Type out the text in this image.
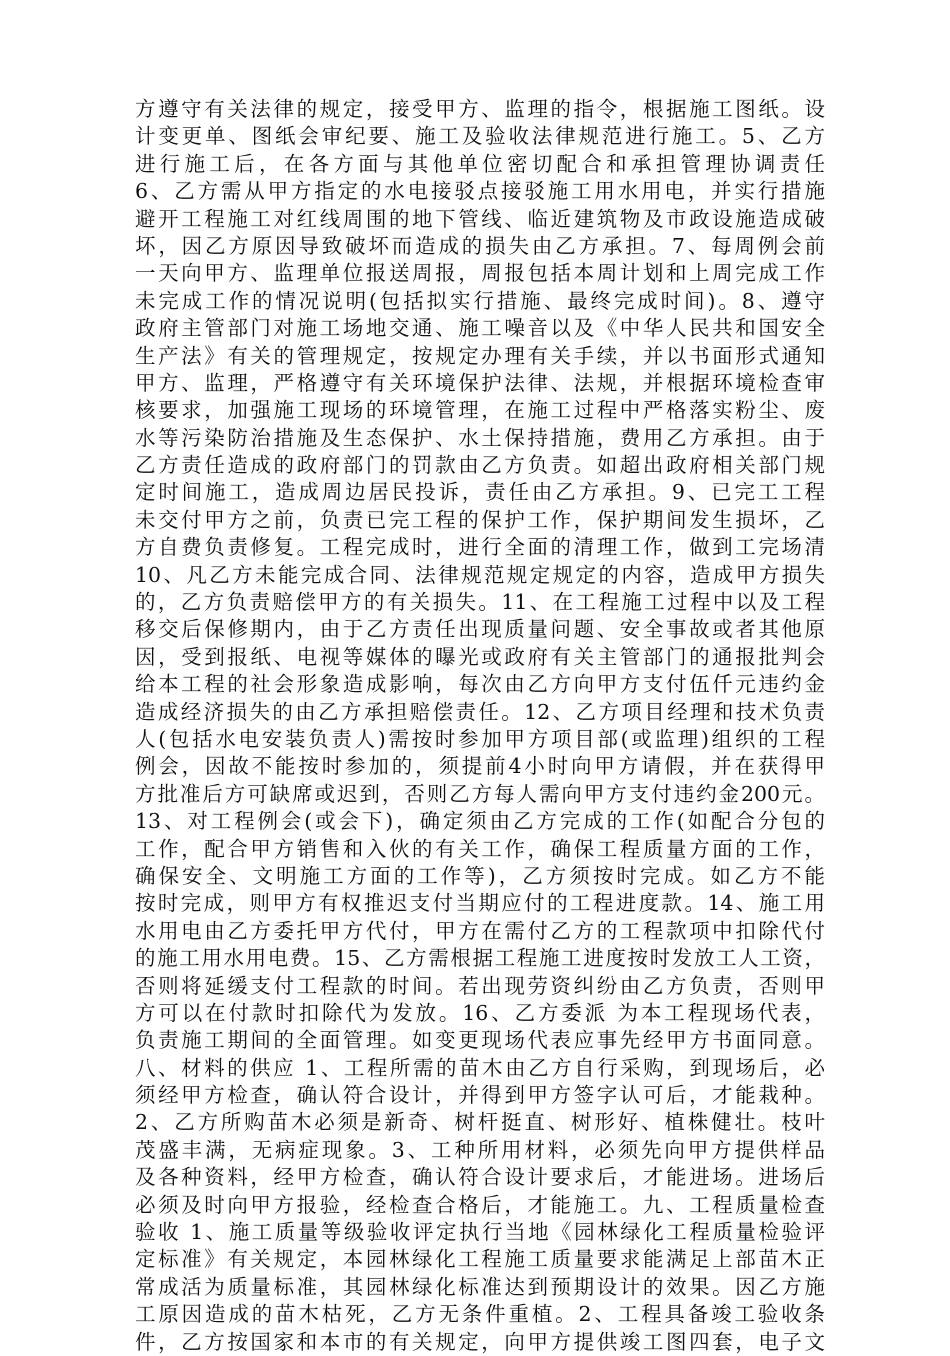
方遵守有关法律的规定，接受甲方、监理的指令，根据施工图纸。设
计变更单、图纸会审纪要、施工及验收法律规范进行施工。5、乙方
进行施工后，在各方面与其他单位密切配合和承担管理协调责任
6、乙方需从甲方指定的水电接驳点接驳施工用水用电，并实行措施
避开工程施工对红线周围的地下管线、临近建筑物及市政设施造成破
坏，因乙方原因导致破坏而造成的损失由乙方承担。7、每周例会前
一天向甲方、监理单位报送周报，周报包括本周计划和上周完成工作
未完成工作的情况说明(包括拟实行措施、最终完成时间)。8、遵守
政府主管部门对施工场地交通、施工噪音以及《中华人民共和国安全
生产法》有关的管理规定，按规定办理有关手续，并以书面形式通知
甲方、监理，严格遵守有关环境保护法律、法规，并根据环境检查审
核要求，加强施工现场的环境管理，在施工过程中严格落实粉尘、废
水等污染防治措施及生态保护、水土保持措施，费用乙方承担。由于
乙方责任造成的政府部门的罚款由乙方负责。如超出政府相关部门规
定时间施工，造成周边居民投诉，责任由乙方承担。9、已完工工程
未交付甲方之前，负责已完工程的保护工作，保护期间发生损坏，乙
方自费负责修复。工程完成时，进行全面的清理工作，做到工完场清
10、凡乙方未能完成合同、法律规范规定规定的内容，造成甲方损失
的，乙方负责赔偿甲方的有关损失。11、在工程施工过程中以及工程
移交后保修期内，由于乙方责任出现质量问题、安全事故或者其他原
因，受到报纸、电视等媒体的曝光或政府有关主管部门的通报批判会
给本工程的社会形象造成影响，每次由乙方向甲方支付伍仟元违约金
造成经济损失的由乙方承担赔偿责任。12、乙方项目经理和技术负责
人(包括水电安装负责人)需按时参加甲方项目部(或监理)组织的工程
例会，因故不能按时参加的，须提前4小时向甲方请假，并在获得甲
方批准后方可缺席或迟到，否则乙方每人需向甲方支付违约金200元。
13、对工程例会(或会下)，确定须由乙方完成的工作(如配合分包的
工作，配合甲方销售和入伙的有关工作，确保工程质量方面的工作，
确保安全、文明施工方面的工作等)，乙方须按时完成。如乙方不能
按时完成，则甲方有权推迟支付当期应付的工程进度款。14、施工用
水用电由乙方委托甲方代付，甲方在需付乙方的工程款项中扣除代付
的施工用水用电费。15、乙方需根据工程施工进度按时发放工人工资，
否则将延缓支付工程款的时间。若出现劳资纠纷由乙方负责，否则甲
方可以在付款时扣除代为发放。16、乙方委派 为本工程现场代表，
负责施工期间的全面管理。如变更现场代表应事先经甲方书面同意。
八、材料的供应 1、工程所需的苗木由乙方自行采购，到现场后，必
须经甲方检查，确认符合设计，并得到甲方签字认可后，才能栽种。
2、乙方所购苗木必须是新奇、树杆挺直、树形好、植株健壮。枝叶
茂盛丰满，无病症现象。3、工种所用材料，必须先向甲方提供样品
及各种资料，经甲方检查，确认符合设计要求后，才能进场。进场后
必须及时向甲方报验，经检查合格后，才能施工。九、工程质量检查
验收 1、施工质量等级验收评定执行当地《园林绿化工程质量检验评
定标准》有关规定，本园林绿化工程施工质量要求能满足上部苗木正
常成活为质量标准，其园林绿化标准达到预期设计的效果。因乙方施
工原因造成的苗木枯死，乙方无条件重植。2、工程具备竣工验收条
件，乙方按国家和本市的有关规定，向甲方提供竣工图四套，电子文
